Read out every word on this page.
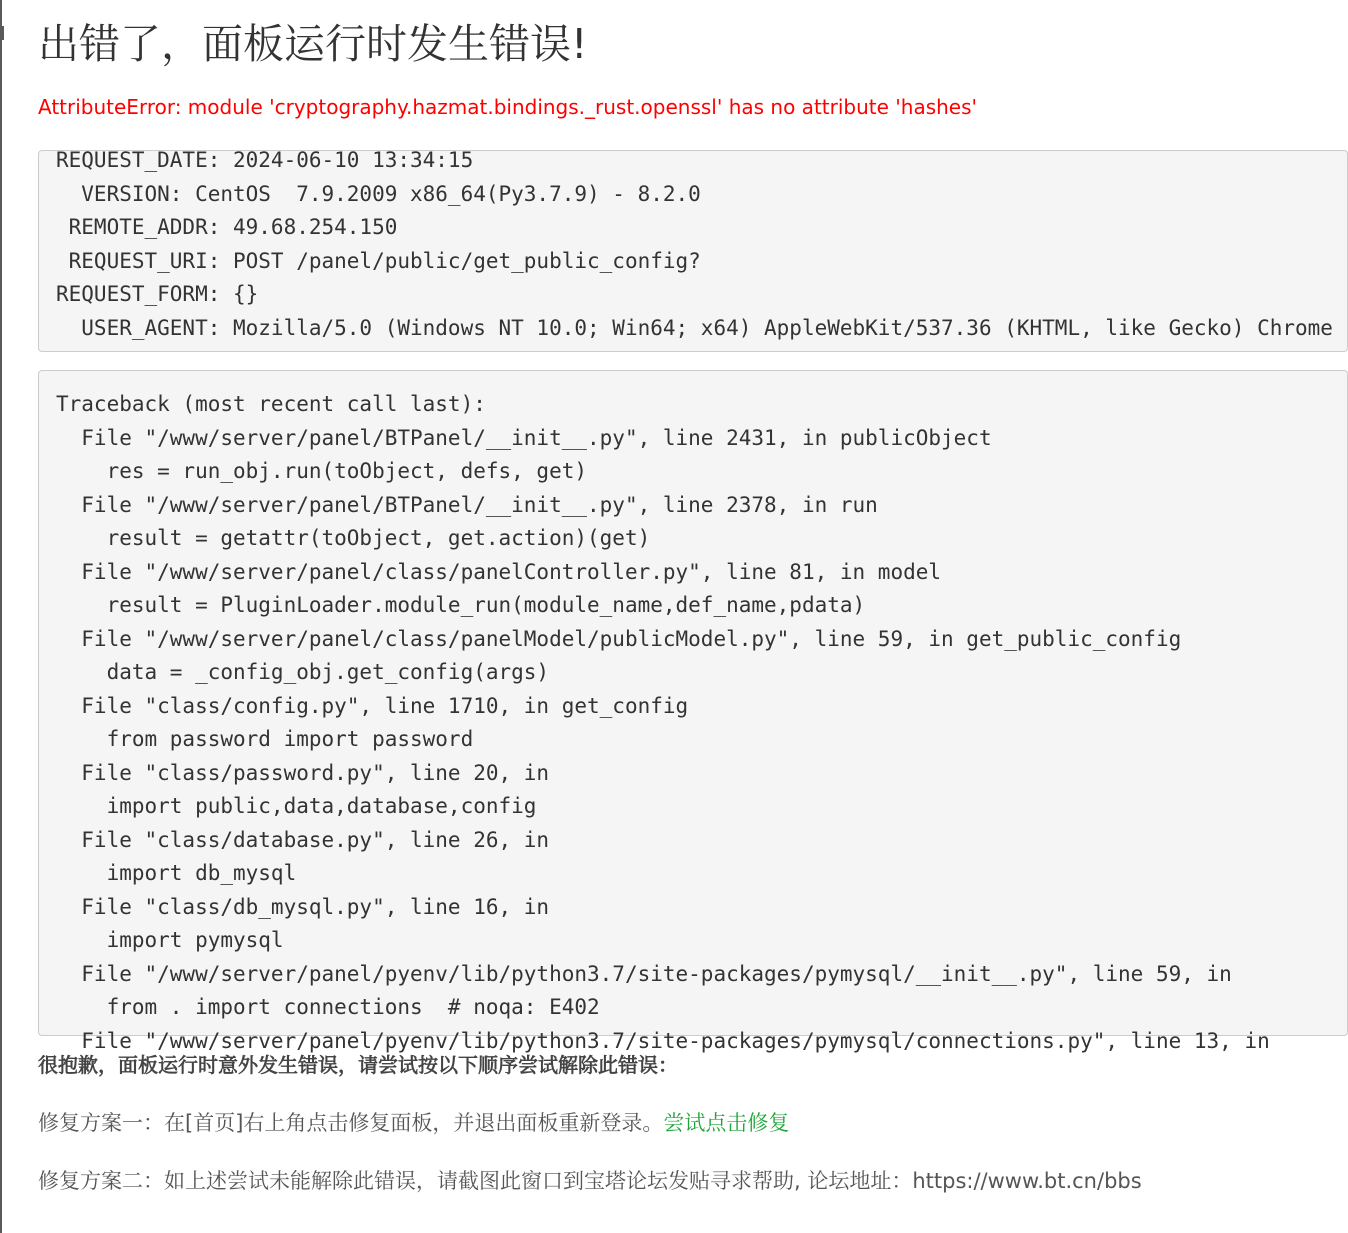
出错了，面板运行时发生错误!
AttributeError: module 'cryptography.hazmat.bindings._rust.openssl' has no attribute 'hashes'
REQUEST_DATE: 2024-06-10 13:34:15
VERSION: CentOS  7.9.2009 x86_64(Py3.7.9) - 8.2.0
REMOTE_ADDR: 49.68.254.150
REQUEST_URI: POST /panel/public/get_public_config?
REQUEST_FORM: {}
USER_AGENT: Mozilla/5.0 (Windows NT 10.0; Win64; x64) AppleWebKit/537.36 (KHTML, like Gecko) Chrome
Traceback (most recent call last):
File "/www/server/panel/BTPanel/__init__.py", line 2431, in publicObject
res = run_obj.run(toObject, defs, get)
File "/www/server/panel/BTPanel/__init__.py", line 2378, in run
result = getattr(toObject, get.action)(get)
File "/www/server/panel/class/panelController.py", line 81, in model
result = PluginLoader.module_run(module_name,def_name,pdata)
File "/www/server/panel/class/panelModel/publicModel.py", line 59, in get_public_config
data = _config_obj.get_config(args)
File "class/config.py", line 1710, in get_config
from password import password
File "class/password.py", line 20, in
import public,data,database,config
File "class/database.py", line 26, in
import db_mysql
File "class/db_mysql.py", line 16, in
import pymysql
File "/www/server/panel/pyenv/lib/python3.7/site-packages/pymysql/__init__.py", line 59, in
from . import connections  # noqa: E402
File "/www/server/panel/pyenv/lib/python3.7/site-packages/pymysql/connections.py", line 13, in
很抱歉，面板运行时意外发生错误，请尝试按以下顺序尝试解除此错误：
修复方案一：在[首页]右上角点击修复面板，并退出面板重新登录。尝试点击修复
修复方案二：如上述尝试未能解除此错误，请截图此窗口到宝塔论坛发贴寻求帮助, 论坛地址：https://www.bt.cn/bbs
